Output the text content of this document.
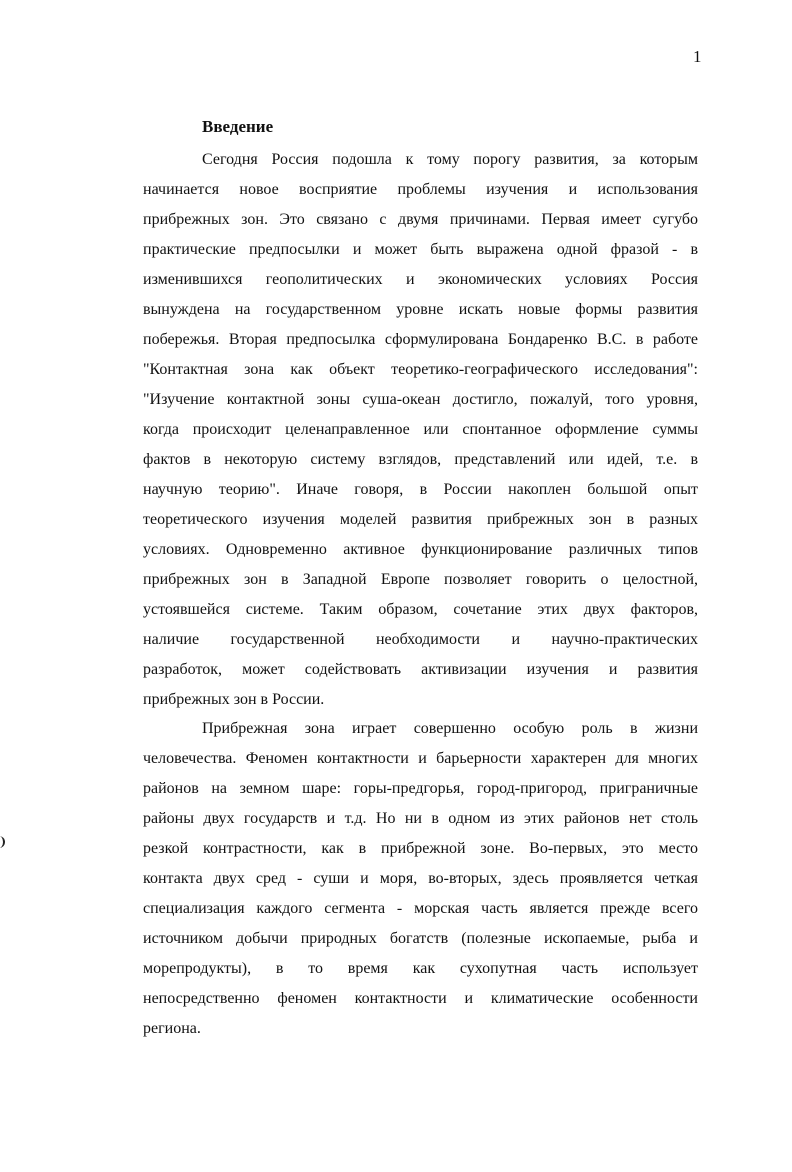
1
Введение
Сегодня Россия подошла к тому порогу развития, за которым
начинается новое восприятие проблемы изучения и использования
прибрежных зон. Это связано с двумя причинами. Первая имеет сугубо
практические предпосылки и может быть выражена одной фразой - в
изменившихся геополитических и экономических условиях Россия
вынуждена на государственном уровне искать новые формы развития
побережья. Вторая предпосылка сформулирована Бондаренко В.С. в работе
"Контактная зона как объект теоретико-географического исследования":
"Изучение контактной зоны суша-океан достигло, пожалуй, того уровня,
когда происходит целенаправленное или спонтанное оформление суммы
фактов в некоторую систему взглядов, представлений или идей, т.е. в
научную теорию". Иначе говоря, в России накоплен большой опыт
теоретического изучения моделей развития прибрежных зон в разных
условиях. Одновременно активное функционирование различных типов
прибрежных зон в Западной Европе позволяет говорить о целостной,
устоявшейся системе. Таким образом, сочетание этих двух факторов,
наличие государственной необходимости и научно-практических
разработок, может содействовать активизации изучения и развития
прибрежных зон в России.
Прибрежная зона играет совершенно особую роль в жизни
человечества. Феномен контактности и барьерности характерен для многих
районов на земном шаре: горы-предгорья, город-пригород, приграничные
районы двух государств и т.д. Но ни в одном из этих районов нет столь
резкой контрастности, как в прибрежной зоне. Во-первых, это место
контакта двух сред - суши и моря, во-вторых, здесь проявляется четкая
специализация каждого сегмента - морская часть является прежде всего
источником добычи природных богатств (полезные ископаемые, рыба и
морепродукты), в то время как сухопутная часть использует
непосредственно феномен контактности и климатические особенности
региона.
